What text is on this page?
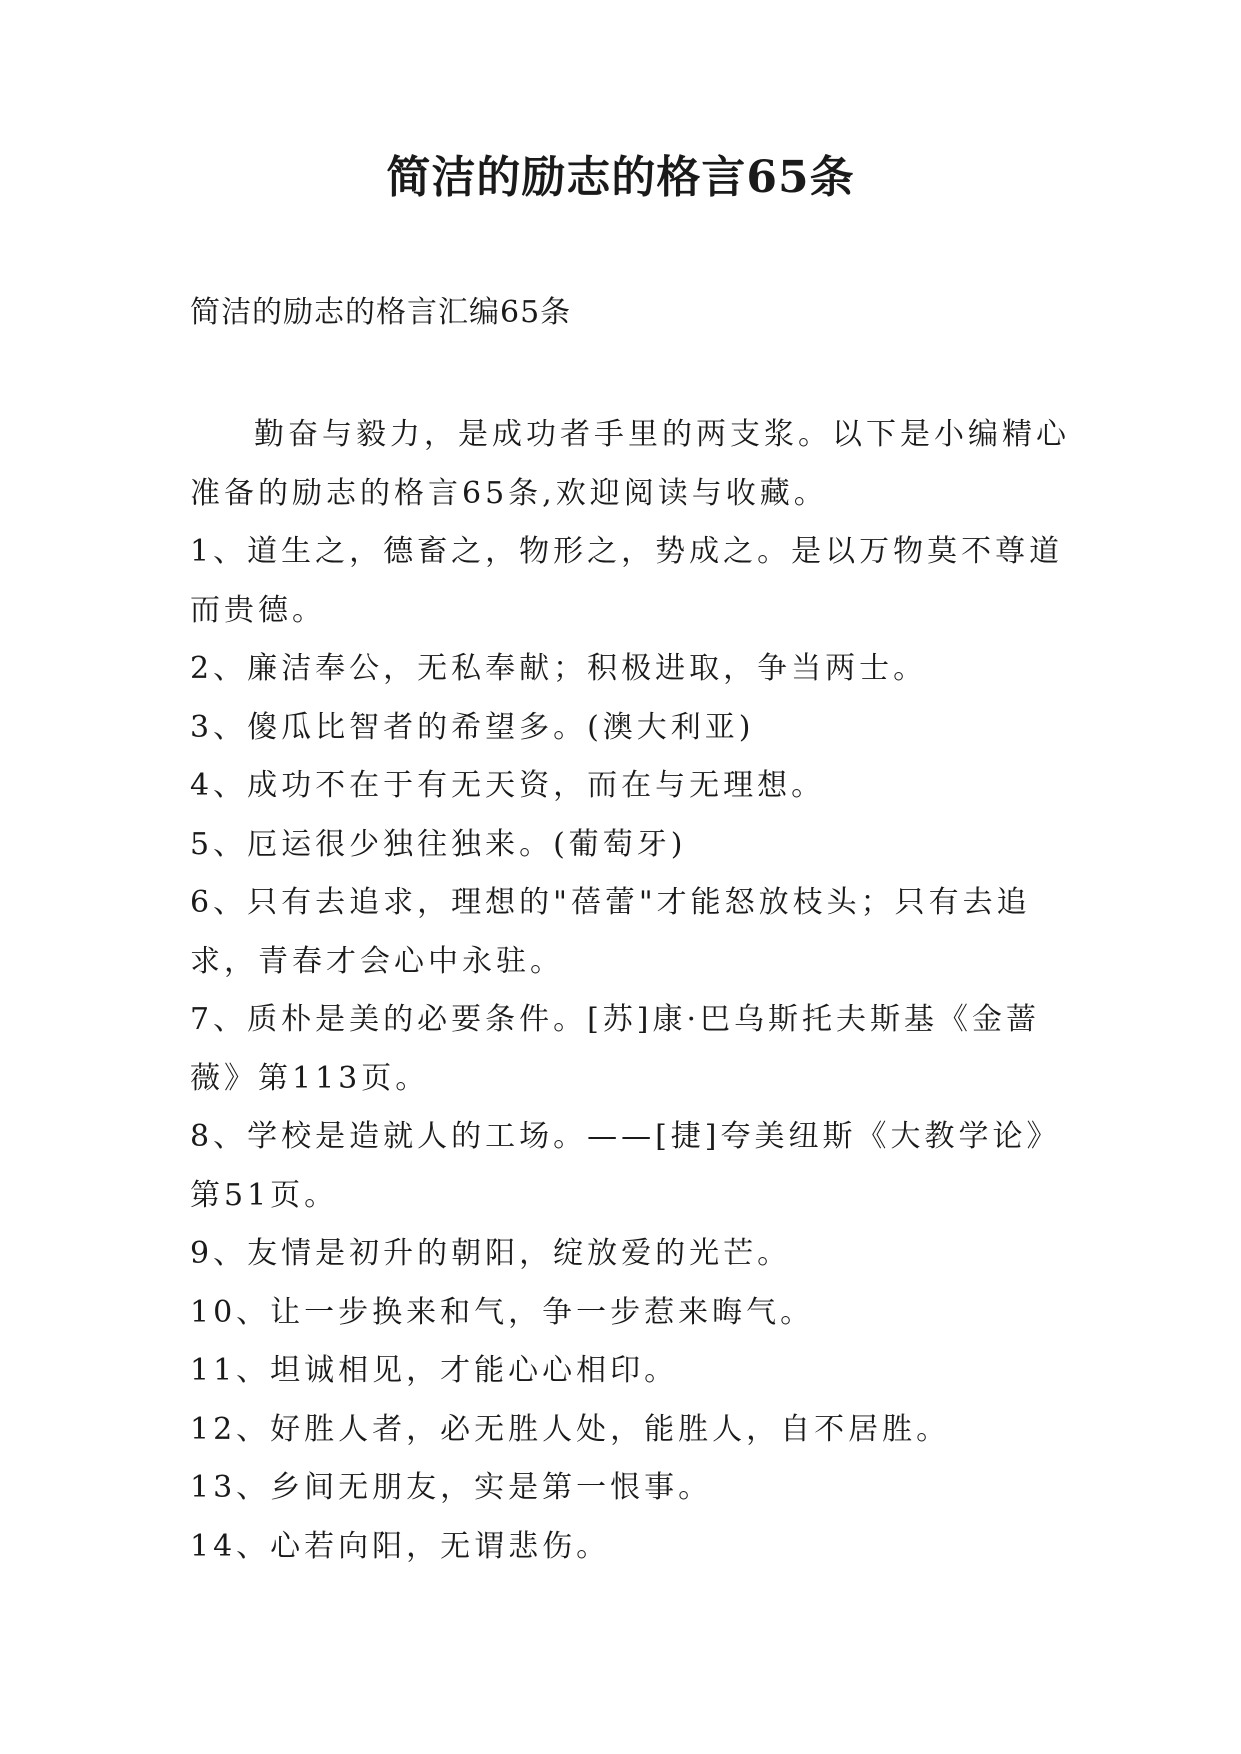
简洁的励志的格言65条

简洁的励志的格言汇编65条

勤奋与毅力，是成功者手里的两支浆。以下是小编精心准备的励志的格言65条,欢迎阅读与收藏。

1、道生之，德畜之，物形之，势成之。是以万物莫不尊道而贵德。

2、廉洁奉公，无私奉献；积极进取，争当两士。

3、傻瓜比智者的希望多。(澳大利亚)

4、成功不在于有无天资，而在与无理想。

5、厄运很少独往独来。(葡萄牙)

6、只有去追求，理想的"蓓蕾"才能怒放枝头；只有去追求，青春才会心中永驻。

7、质朴是美的必要条件。[苏]康·巴乌斯托夫斯基《金蔷薇》第113页。

8、学校是造就人的工场。——[捷]夸美纽斯《大教学论》第51页。

9、友情是初升的朝阳，绽放爱的光芒。

10、让一步换来和气，争一步惹来晦气。

11、坦诚相见，才能心心相印。

12、好胜人者，必无胜人处，能胜人，自不居胜。

13、乡间无朋友，实是第一恨事。

14、心若向阳，无谓悲伤。
